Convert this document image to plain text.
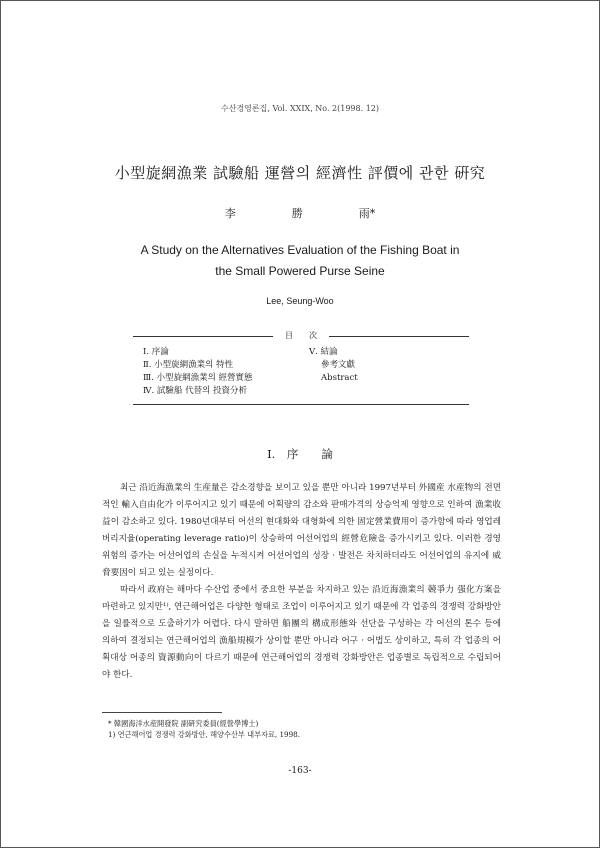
수산경영론집, Vol. XXIX, No. 2(1998. 12)
小型旋網漁業 試驗船 運營의 經濟性 評價에 관한 硏究
李	勝	雨*
A Study on the Alternatives Evaluation of the Fishing Boat in
the Small Powered Purse Seine
Lee, Seung-Woo
目　　次
Ⅰ. 序論
Ⅱ. 小型旋網漁業의 特性
Ⅲ. 小型旋網漁業의 經營實態
Ⅳ. 試驗船 代替의 投資分析
Ⅴ. 結論
參考文獻
Abstract
Ⅰ. 序　　論

최근 沿近海漁業의 生産量은 감소경향을 보이고 있을 뿐만 아니라 1997년부터 外國産 水産物의 전면적인 輸入自由化가 이루어지고 있기 때문에 어획량의 감소와 판매가격의 상승억제 영향으로 인하여 漁業收益이 감소하고 있다. 1980년대부터 어선의 현대화와 대형화에 의한 固定營業費用이 증가함에 따라 영업레버리지율(operating leverage ratio)이 상승하여 어선어업의 經營危險을 증가시키고 있다. 이러한 경영위험의 증가는 어선어업의 손실을 누적시켜 어선어업의 성장 · 발전은 차치하더라도 어선어업의 유지에 威脅要因이 되고 있는 실정이다.

따라서 政府는 해마다 수산업 중에서 중요한 부분을 차지하고 있는 沿近海漁業의 競爭力 强化方案을 마련하고 있지만¹⁾, 연근해어업은 다양한 형태로 조업이 이루어지고 있기 때문에 각 업종의 경쟁력 강화방안을 일률적으로 도출하기가 어렵다. 다시 말하면 船團의 構成形態와 선단을 구성하는 각 어선의 톤수 등에 의하여 결정되는 연근해어업의 漁船規模가 상이할 뿐만 아니라 어구 · 어법도 상이하고, 특히 각 업종의 어획대상 어종의 資源動向이 다르기 때문에 연근해어업의 경쟁력 강화방안은 업종별로 독립적으로 수립되어야 한다.

* 韓國海洋水産開發院 副硏究委員(經營學博士)
1) 연근해어업 경쟁력 강화방안, 해양수산부 내부자료, 1998.
-163-
